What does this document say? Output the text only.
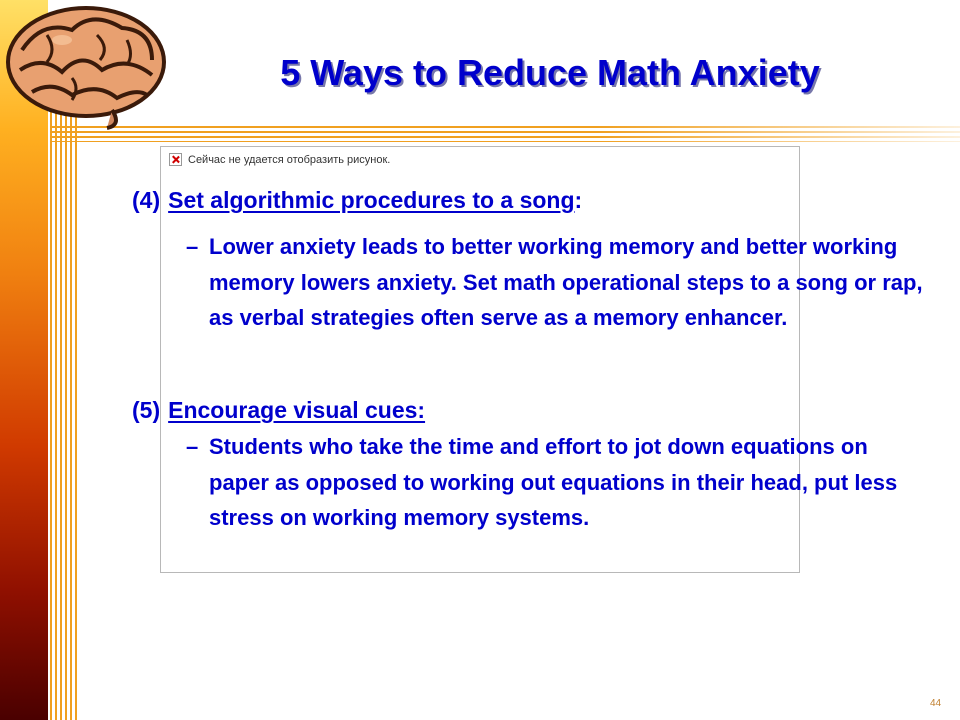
5 Ways to Reduce Math Anxiety
Сейчас не удается отобразить рисунок.
(4) Set algorithmic procedures to a song:
– Lower anxiety leads to better working memory and better working memory lowers anxiety. Set math operational steps to a song or rap, as verbal strategies often serve as a memory enhancer.
(5) Encourage visual cues:
– Students who take the time and effort to jot down equations on paper as opposed to working out equations in their head, put less stress on working memory systems.
44
